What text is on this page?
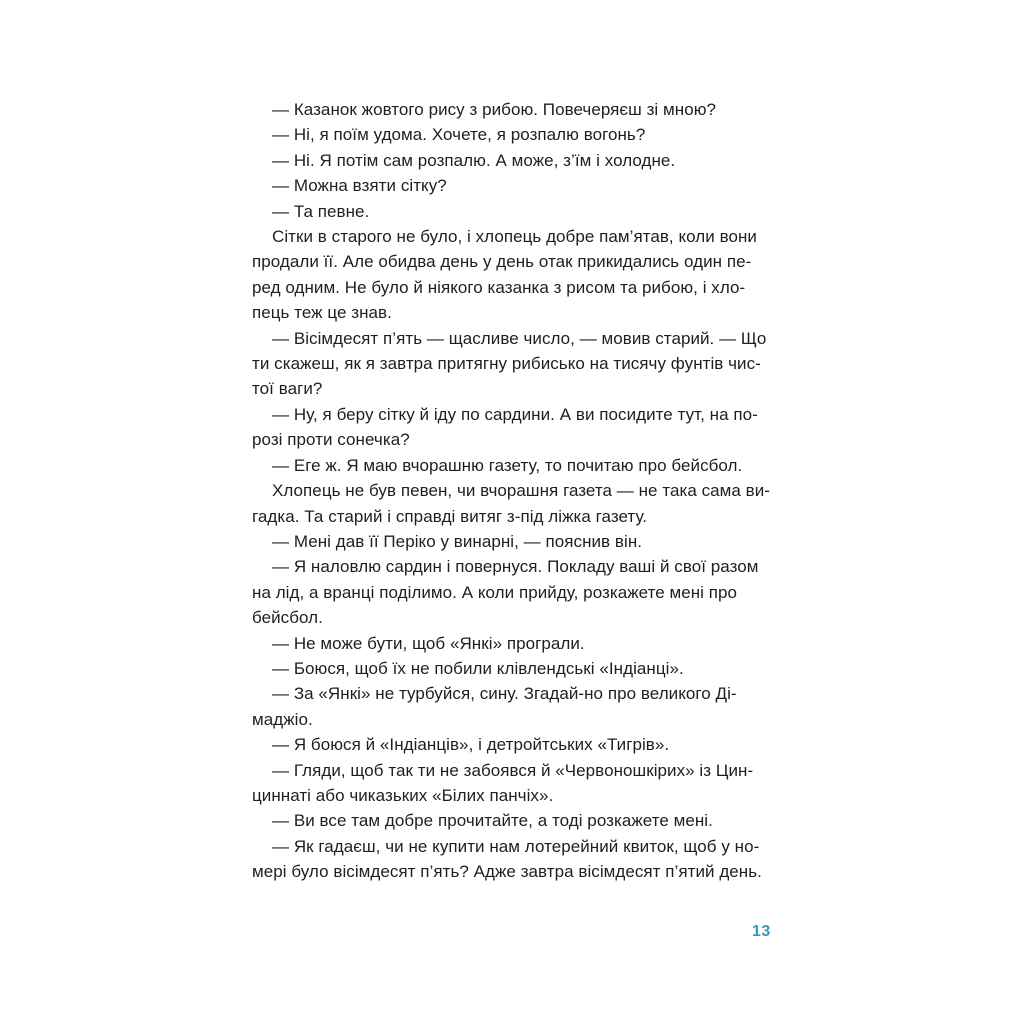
— Казанок жовтого рису з рибою. Повечеряєш зі мною?

— Ні, я поїм удома. Хочете, я розпалю вогонь?

— Ні. Я потім сам розпалю. А може, з’їм і холодне.

— Можна взяти сітку?

— Та певне.

Сітки в старого не було, і хлопець добре пам’ятав, коли вони
продали її. Але обидва день у день отак прикидались один пе-
ред одним. Не було й ніякого казанка з рисом та рибою, і хло-
пець теж це знав.

— Вісімдесят п’ять — щасливе число, — мовив старий. — Що
ти скажеш, як я завтра притягну рибисько на тисячу фунтів чис-
тої ваги?

— Ну, я беру сітку й іду по сардини. А ви посидите тут, на по-
розі проти сонечка?

— Еге ж. Я маю вчорашню газету, то почитаю про бейсбол.

Хлопець не був певен, чи вчорашня газета — не така сама ви-
гадка. Та старий і справді витяг з-під ліжка газету.

— Мені дав її Періко у винарні, — пояснив він.

— Я наловлю сардин і повернуся. Покладу ваші й свої разом
на лід, а вранці поділимо. А коли прийду, розкажете мені про
бейсбол.

— Не може бути, щоб «Янкі» програли.

— Боюся, щоб їх не побили клівлендські «Індіанці».

— За «Янкі» не турбуйся, сину. Згадай-но про великого Ді-
маджіо.

— Я боюся й «Індіанців», і детройтських «Тигрів».

— Гляди, щоб так ти не забоявся й «Червоношкірих» із Цин-
циннаті або чиказьких «Білих панчіх».

— Ви все там добре прочитайте, а тоді розкажете мені.

— Як гадаєш, чи не купити нам лотерейний квиток, щоб у но-
мері було вісімдесят п’ять? Адже завтра вісімдесят п’ятий день.

13
